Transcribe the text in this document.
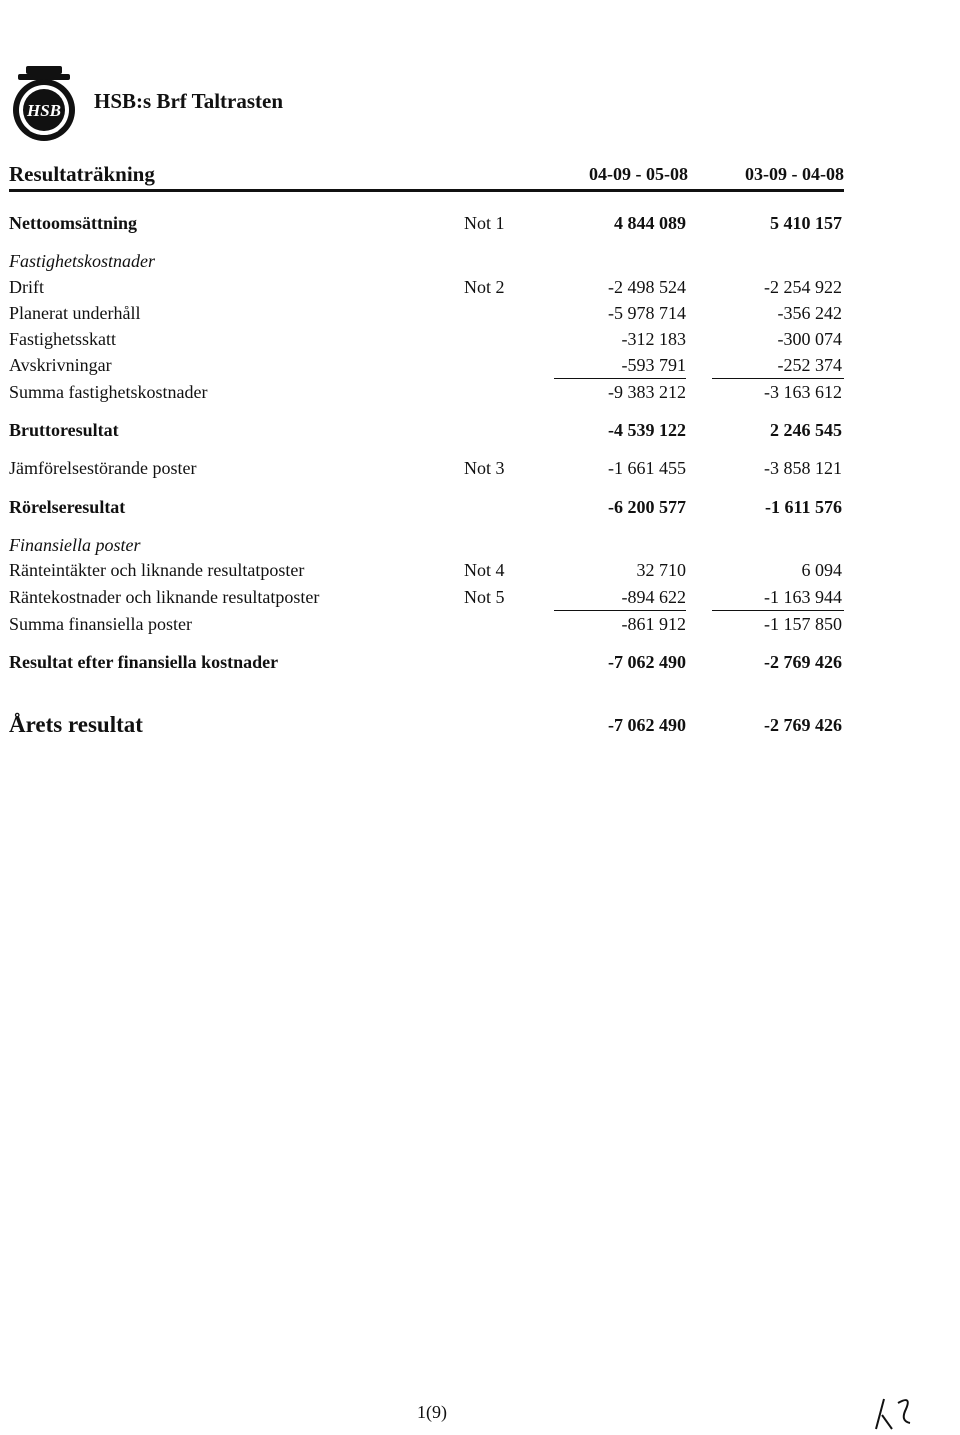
HSB HSB:s Brf Taltrasten
Resultaträkning	04-09 - 05-08	03-09 - 04-08
Nettoomsättning	Not 1	4 844 089	5 410 157
Fastighetskostnader
Drift	Not 2	-2 498 524	-2 254 922
Planerat underhåll	-5 978 714	-356 242
Fastighetsskatt	-312 183	-300 074
Avskrivningar	-593 791	-252 374
Summa fastighetskostnader	-9 383 212	-3 163 612
Bruttoresultat	-4 539 122	2 246 545
Jämförelsestörande poster	Not 3	-1 661 455	-3 858 121
Rörelseresultat	-6 200 577	-1 611 576
Finansiella poster
Ränteintäkter och liknande resultatposter	Not 4	32 710	6 094
Räntekostnader och liknande resultatposter	Not 5	-894 622	-1 163 944
Summa finansiella poster	-861 912	-1 157 850
Resultat efter finansiella kostnader	-7 062 490	-2 769 426
Årets resultat	-7 062 490	-2 769 426
1(9)
